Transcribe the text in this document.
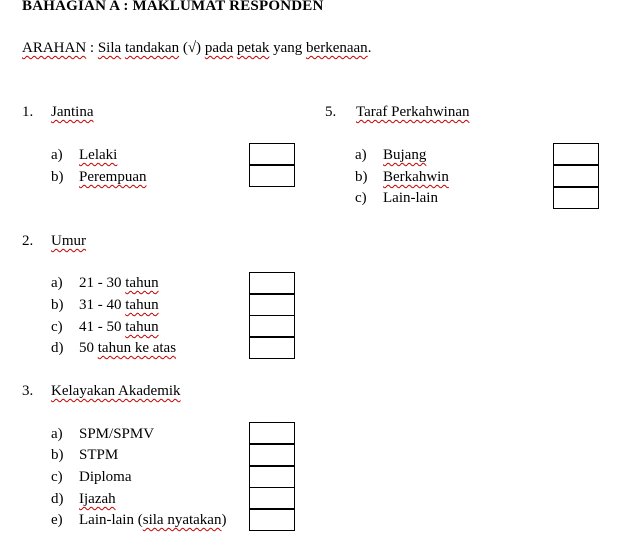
BAHAGIAN A : MAKLUMAT RESPONDEN
ARAHAN : Sila tandakan (√) pada petak yang berkenaan.
1. Jantina
a) Lelaki
b) Perempuan
5. Taraf Perkahwinan
a) Bujang
b) Berkahwin
c) Lain-lain
2. Umur
a) 21 - 30 tahun
b) 31 - 40 tahun
c) 41 - 50 tahun
d) 50 tahun ke atas
3. Kelayakan Akademik
a) SPM/SPMV
b) STPM
c) Diploma
d) Ijazah
e) Lain-lain (sila nyatakan)
